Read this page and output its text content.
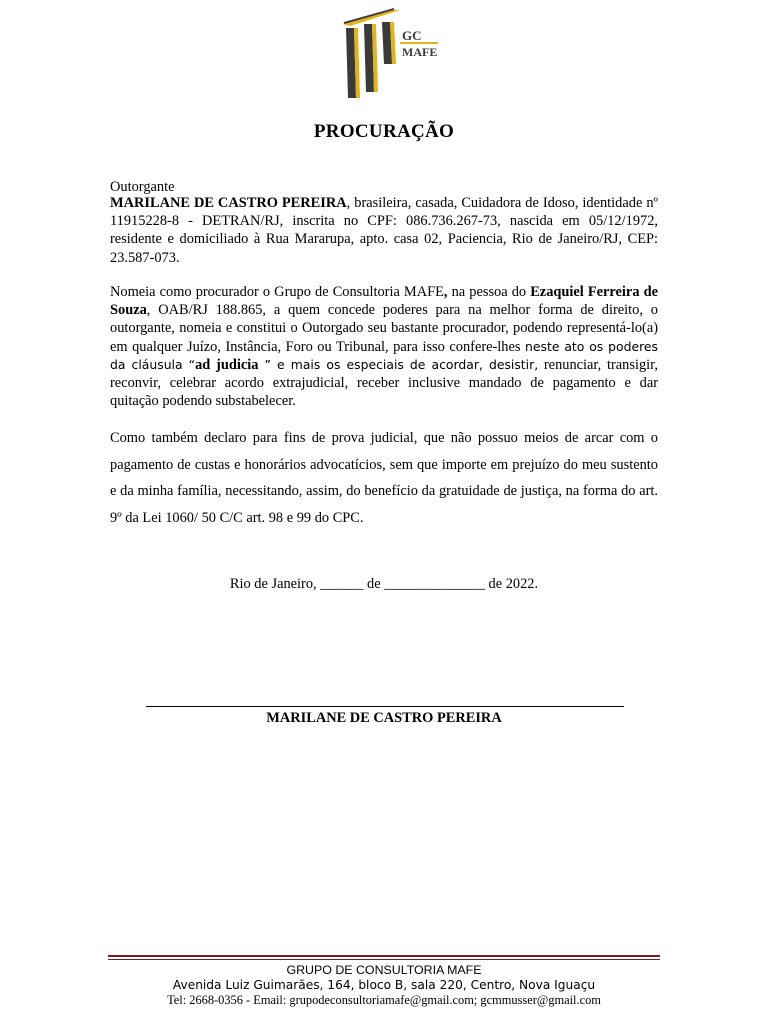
GC
MAFE
PROCURAÇÃO

Outorgante

MARILANE DE CASTRO PEREIRA, brasileira, casada, Cuidadora de Idoso, identidade nº 11915228-8 - DETRAN/RJ, inscrita no CPF: 086.736.267-73, nascida em 05/12/1972, residente e domiciliado à Rua Mararupa, apto. casa 02, Paciencia, Rio de Janeiro/RJ, CEP: 23.587-073.

Nomeia como procurador o Grupo de Consultoria MAFE, na pessoa do Ezaquiel Ferreira de Souza, OAB/RJ 188.865, a quem concede poderes para na melhor forma de direito, o outorgante, nomeia e constitui o Outorgado seu bastante procurador, podendo representá-lo(a) em qualquer Juízo, Instância, Foro ou Tribunal, para isso confere-lhes neste ato os poderes da cláusula “ad judicia ” e mais os especiais de acordar, desistir, renunciar, transigir, reconvir, celebrar acordo extrajudicial, receber inclusive mandado de pagamento e dar quitação podendo substabelecer.

Como também declaro para fins de prova judicial, que não possuo meios de arcar com o pagamento de custas e honorários advocatícios, sem que importe em prejuízo do meu sustento e da minha família, necessitando, assim, do benefício da gratuidade de justiça, na forma do art. 9º da Lei 1060/ 50 C/C art. 98 e 99 do CPC.

Rio de Janeiro, ______ de ______________ de 2022.
MARILANE DE CASTRO PEREIRA
GRUPO DE CONSULTORIA MAFE
Avenida Luiz Guimarães, 164, bloco B, sala 220, Centro, Nova Iguaçu
Tel: 2668-0356 - Email: grupodeconsultoriamafe@gmail.com; gcmmusser@gmail.com
